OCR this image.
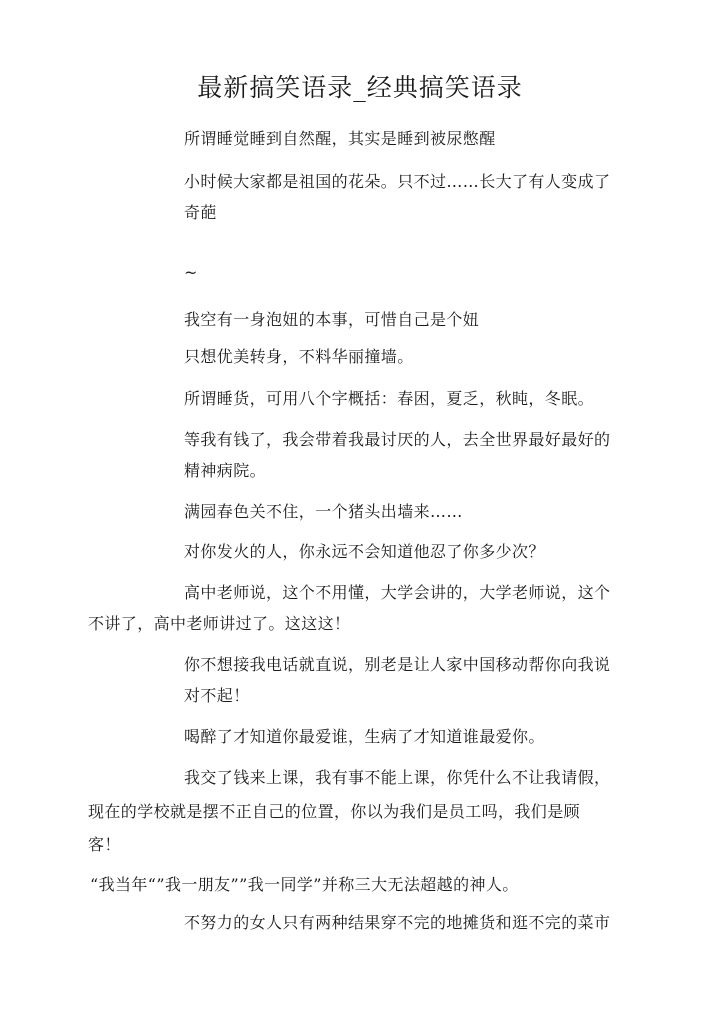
最新搞笑语录_经典搞笑语录
所谓睡觉睡到自然醒，其实是睡到被尿憋醒
小时候大家都是祖国的花朵。只不过……长大了有人变成了
奇葩
~
我空有一身泡妞的本事，可惜自己是个妞
只想优美转身，不料华丽撞墙。
所谓睡货，可用八个字概括：春困，夏乏，秋盹，冬眠。
等我有钱了，我会带着我最讨厌的人，去全世界最好最好的
精神病院。
满园春色关不住，一个猪头出墙来……
对你发火的人，你永远不会知道他忍了你多少次？
高中老师说，这个不用懂，大学会讲的，大学老师说，这个
不讲了，高中老师讲过了。这这这！
你不想接我电话就直说，别老是让人家中国移动帮你向我说
对不起！
喝醉了才知道你最爱谁，生病了才知道谁最爱你。
我交了钱来上课，我有事不能上课，你凭什么不让我请假，
现在的学校就是摆不正自己的位置，你以为我们是员工吗，我们是顾
客！
“我当年“”我一朋友””我一同学”并称三大无法超越的神人。
不努力的女人只有两种结果穿不完的地摊货和逛不完的菜市
